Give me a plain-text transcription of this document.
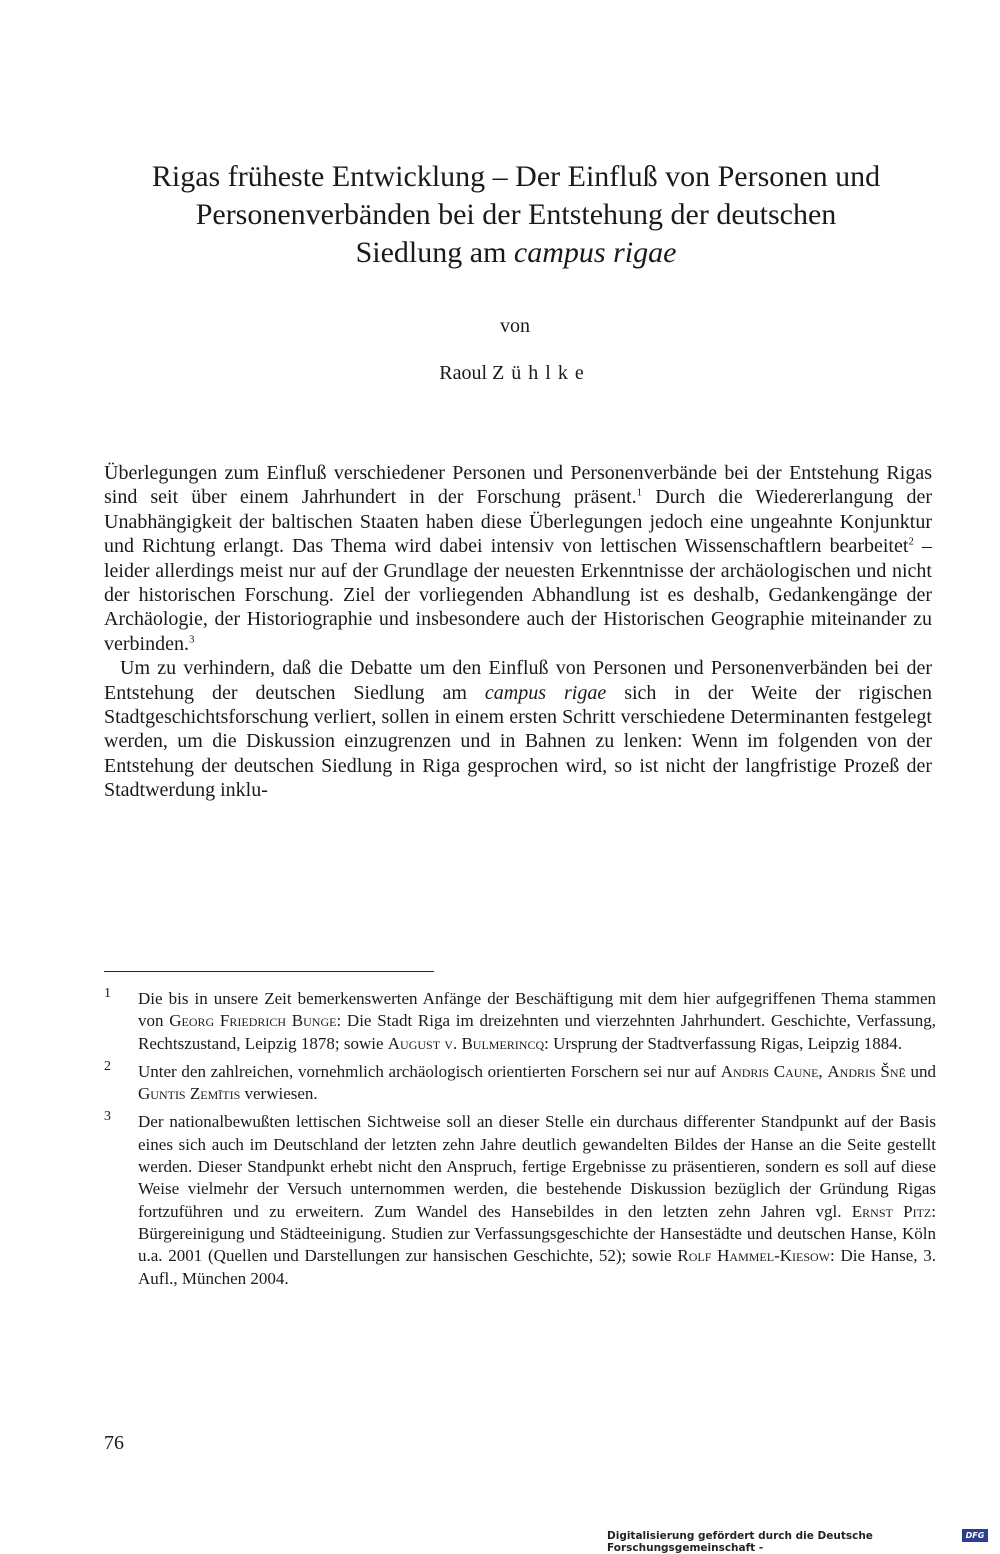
Rigas früheste Entwicklung – Der Einfluß von Personen und
Personenverbänden bei der Entstehung der deutschen
Siedlung am campus rigae
von
Raoul Zühlke

Überlegungen zum Einfluß verschiedener Personen und Personenverbände bei der Entstehung Rigas sind seit über einem Jahrhundert in der Forschung präsent.$^1$ Durch die Wiedererlangung der Unabhängigkeit der baltischen Staaten haben diese Überlegungen jedoch eine ungeahnte Konjunktur und Richtung erlangt. Das Thema wird dabei intensiv von lettischen Wissenschaftlern bearbeitet$^2$ – leider allerdings meist nur auf der Grundlage der neuesten Erkenntnisse der archäologischen und nicht der historischen Forschung. Ziel der vorliegenden Abhandlung ist es deshalb, Gedankengänge der Archäologie, der Historiographie und insbesondere auch der Historischen Geographie miteinander zu verbinden.$^3$

Um zu verhindern, daß die Debatte um den Einfluß von Personen und Personenverbänden bei der Entstehung der deutschen Siedlung am campus rigae sich in der Weite der rigischen Stadtgeschichtsforschung verliert, sollen in einem ersten Schritt verschiedene Determinanten festgelegt werden, um die Diskussion einzugrenzen und in Bahnen zu lenken: Wenn im folgenden von der Entstehung der deutschen Siedlung in Riga gesprochen wird, so ist nicht der langfristige Prozeß der Stadtwerdung inklu-

1 Die bis in unsere Zeit bemerkenswerten Anfänge der Beschäftigung mit dem hier aufgegriffenen Thema stammen von Georg Friedrich Bunge: Die Stadt Riga im dreizehnten und vierzehnten Jahrhundert. Geschichte, Verfassung, Rechtszustand, Leipzig 1878; sowie August v. Bulmerincq: Ursprung der Stadtverfassung Rigas, Leipzig 1884.
2 Unter den zahlreichen, vornehmlich archäologisch orientierten Forschern sei nur auf Andris Caune, Andris Šnē und Guntis Zemītis verwiesen.
3 Der nationalbewußten lettischen Sichtweise soll an dieser Stelle ein durchaus differenter Standpunkt auf der Basis eines sich auch im Deutschland der letzten zehn Jahre deutlich gewandelten Bildes der Hanse an die Seite gestellt werden. Dieser Standpunkt erhebt nicht den Anspruch, fertige Ergebnisse zu präsentieren, sondern es soll auf diese Weise vielmehr der Versuch unternommen werden, die bestehende Diskussion bezüglich der Gründung Rigas fortzuführen und zu erweitern. Zum Wandel des Hansebildes in den letzten zehn Jahren vgl. Ernst Pitz: Bürgereinigung und Städteeinigung. Studien zur Verfassungsgeschichte der Hansestädte und deutschen Hanse, Köln u.a. 2001 (Quellen und Darstellungen zur hansischen Geschichte, 52); sowie Rolf Hammel-Kiesow: Die Hanse, 3. Aufl., München 2004.
76
Digitalisierung gefördert durch die Deutsche Forschungsgemeinschaft -
DFG
